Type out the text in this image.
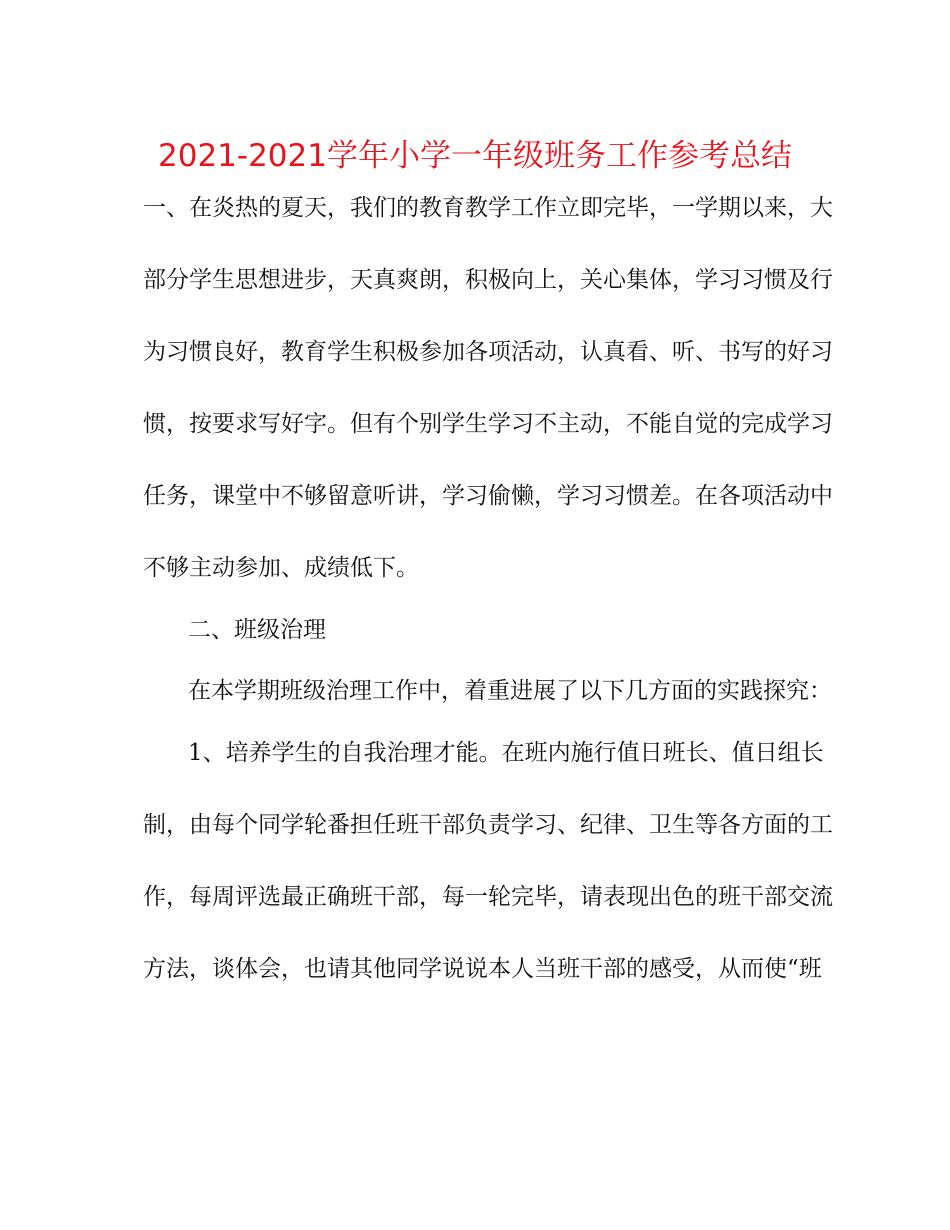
2021-2021学年小学一年级班务工作参考总结
一、在炎热的夏天，我们的教育教学工作立即完毕，一学期以来，大
部分学生思想进步，天真爽朗，积极向上，关心集体，学习习惯及行
为习惯良好，教育学生积极参加各项活动，认真看、听、书写的好习
惯，按要求写好字。但有个别学生学习不主动，不能自觉的完成学习
任务，课堂中不够留意听讲，学习偷懒，学习习惯差。在各项活动中
不够主动参加、成绩低下。
二、班级治理
在本学期班级治理工作中，着重进展了以下几方面的实践探究：
1、培养学生的自我治理才能。在班内施行值日班长、值日组长
制，由每个同学轮番担任班干部负责学习、纪律、卫生等各方面的工
作，每周评选最正确班干部，每一轮完毕，请表现出色的班干部交流
方法，谈体会，也请其他同学说说本人当班干部的感受，从而使“班
